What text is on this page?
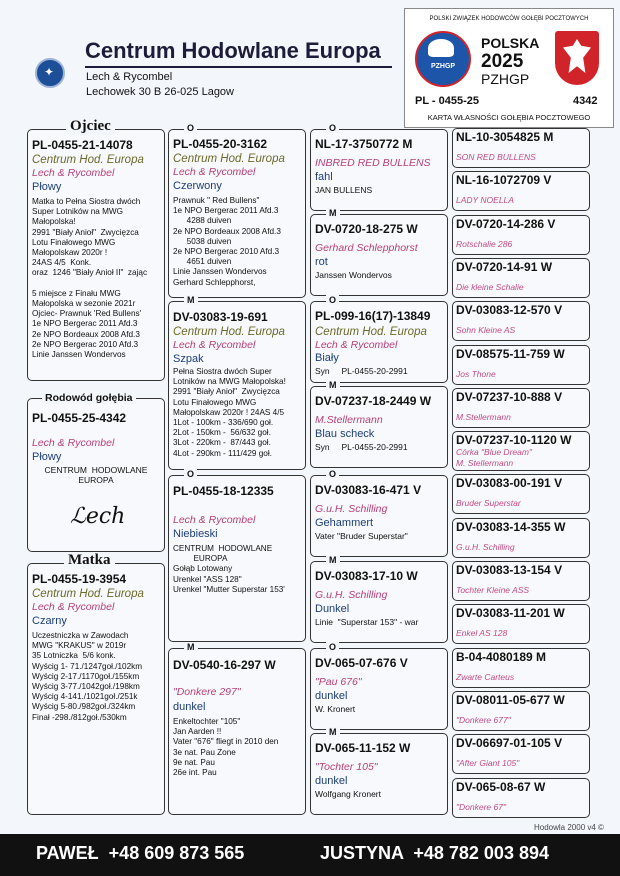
✦
Centrum Hodowlane Europa
Lech & Rycombel
Lechowek 30 B 26-025 Lagow
POLSKI ZWIĄZEK HODOWCÓW GOŁĘBI POCZTOWYCH
PZHGP
POLSKA
2025
PZHGP
PL - 0455-25	4342
KARTA WŁASNOŚCI GOŁĘBIA POCZTOWEGO
PL-0455-21-14078
Centrum Hod. Europa
Lech & Rycombel
Płowy
Matka to Pełna Siostra dwóch
Super Lotników na MWG
Małopolska!
2991 "Biały Anioł"  Zwycięzca
Lotu Finałowego MWG
Małopolskaw 2020r !
24AS 4/5  Konk.
oraz  1246 "Biały Anioł II"  zając

5 miejsce z Finału MWG
Małopolska w sezonie 2021r
Ojciec- Prawnuk 'Red Bullens'
1e NPO Bergerac 2011 Afd.3
2e NPO Bordeaux 2008 Afd.3
2e NPO Bergerac 2010 Afd.3
Linie Janssen Wondervos
Ojciec
PL-0455-25-4342
Lech & Rycombel
Płowy
CENTRUM  HODOWLANE
EUROPA
ℒech
Rodowód gołębia
PL-0455-19-3954
Centrum Hod. Europa
Lech & Rycombel
Czarny
Uczestniczka w Zawodach
MWG "KRAKUS" w 2019r
35 Lotniczka  5/6 konk.
Wyścig 1- 71./1247goł./102km
Wyścig 2-17./1170goł./155km
Wyścig 3-77./1042goł./198km
Wyścig 4-141./1021goł./251k
Wyścig 5-80./982goł./324km
Finał -298./812goł./530km
Matka
PL-0455-20-3162
Centrum Hod. Europa
Lech & Rycombel
Czerwony
Prawnuk " Red Bullens"
1e NPO Bergerac 2011 Afd.3
4288 duiven
2e NPO Bordeaux 2008 Afd.3
5038 duiven
2e NPO Bergerac 2010 Afd.3
4651 duiven
Linie Janssen Wondervos
Gerhard Schlepphorst,
O
DV-03083-19-691
Centrum Hod. Europa
Lech & Rycombel
Szpak
Pełna Siostra dwóch Super
Lotników na MWG Małopolska!
2991 "Biały Anioł"  Zwycięzca
Lotu Finałowego MWG
Małopolskaw 2020r ! 24AS 4/5
1Lot - 100km - 336/690 goł.
2Lot - 150km -  56/632 goł.
3Lot - 220km -  87/443 goł.
4Lot - 290km - 111/429 goł.
M
PL-0455-18-12335
Lech & Rycombel
Niebieski
CENTRUM  HODOWLANE
EUROPA
Gołąb Lotowany
Urenkel "ASS 128"
Urenkel "Mutter Superstar 153'
O
DV-0540-16-297 W
"Donkere 297"
dunkel
Enkeltochter "105"
Jan Aarden !!
Vater "676" fliegt in 2010 den
3e nat. Pau Zone
9e nat. Pau
26e int. Pau
M
NL-17-3750772 M
INBRED RED BULLENS
fahl
JAN BULLENS
O
DV-0720-18-275 W
Gerhard Schlepphorst
rot
Janssen Wondervos
M
PL-099-16(17)-13849
Centrum Hod. Europa
Lech & Rycombel
Biały
Syn     PL-0455-20-2991
O
DV-07237-18-2449 W
M.Stellermann
Blau scheck
Syn     PL-0455-20-2991
M
DV-03083-16-471 V
G.u.H. Schilling
Gehammert
Vater "Bruder Superstar"
O
DV-03083-17-10 W
G.u.H. Schilling
Dunkel
Linie  "Superstar 153" - war
M
DV-065-07-676 V
"Pau 676"
dunkel
W. Kronert
O
DV-065-11-152 W
"Tochter 105"
dunkel
Wolfgang Kronert
M
NL-10-3054825 M
SON RED BULLENS
NL-16-1072709 V
LADY NOELLA
DV-0720-14-286 V
Rotschalie 286
DV-0720-14-91 W
Die kleine Schalie
DV-03083-12-570 V
Sohn Kleine AS
DV-08575-11-759 W
Jos Thone
DV-07237-10-888 V
M.Stellermann
DV-07237-10-1120 W
Córka "Blue Dream"
M. Stellermann
DV-03083-00-191 V
Bruder Superstar
DV-03083-14-355 W
G.u.H. Schilling
DV-03083-13-154 V
Tochter Kleine ASS
DV-03083-11-201 W
Enkel AS 128
B-04-4080189 M
Zwarte Carteus
DV-08011-05-677 W
"Donkere 677"
DV-06697-01-105 V
"After Giant 105"
DV-065-08-67 W
"Donkere 67"
Hodowla 2000 v4 ©
PAWEŁ  +48 609 873 565	JUSTYNA  +48 782 003 894
